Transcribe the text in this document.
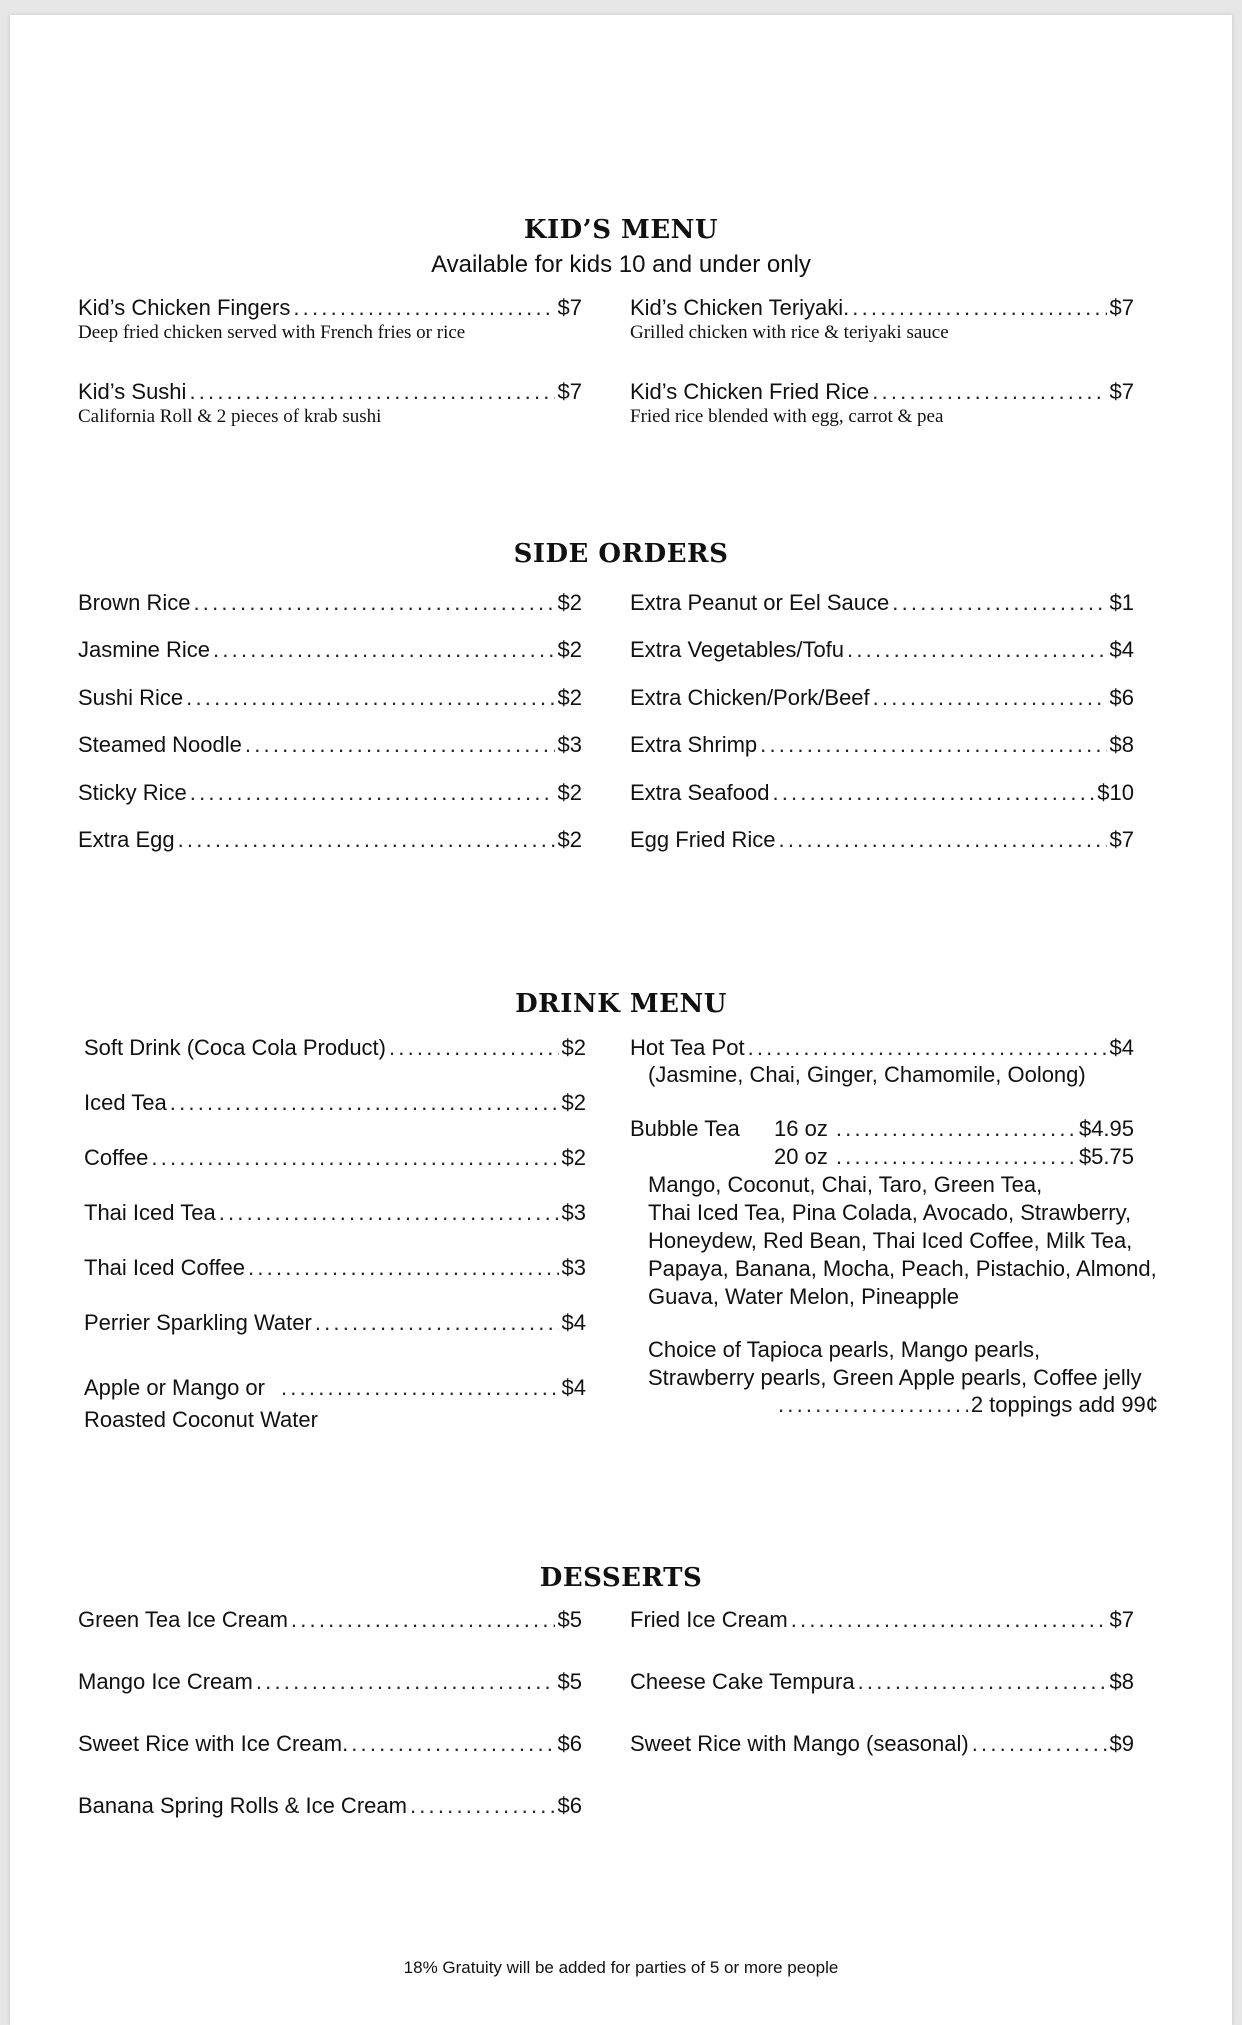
KID’S MENU
Available for kids 10 and under only
Kid’s Chicken Fingers .....	$7
Deep fried chicken served with French fries or rice
Kid’s Chicken Teriyaki. .....	$7
Grilled chicken with rice & teriyaki sauce
Kid’s Sushi .....	$7
California Roll & 2 pieces of krab sushi
Kid’s Chicken Fried Rice .....	$7
Fried rice blended with egg, carrot & pea
SIDE ORDERS
Brown Rice .....	$2
Jasmine Rice .....	$2
Sushi Rice .....	$2
Steamed Noodle .....	$3
Sticky Rice .....	$2
Extra Egg .....	$2
Extra Peanut or Eel Sauce .....	$1
Extra Vegetables/Tofu .....	$4
Extra Chicken/Pork/Beef .....	$6
Extra Shrimp .....	$8
Extra Seafood .....	$10
Egg Fried Rice .....	$7
DRINK MENU
Soft Drink (Coca Cola Product) .....	$2
Iced Tea .....	$2
Coffee .....	$2
Thai Iced Tea .....	$3
Thai Iced Coffee .....	$3
Perrier Sparkling Water .....	$4
Apple or Mango or .....	$4
Roasted Coconut Water
Hot Tea Pot .....	$4
(Jasmine, Chai, Ginger, Chamomile, Oolong)
Bubble Tea 16 oz .....	$4.95
20 oz .....	$5.75
Mango, Coconut, Chai, Taro, Green Tea,
Thai Iced Tea, Pina Colada, Avocado, Strawberry,
Honeydew, Red Bean, Thai Iced Coffee, Milk Tea,
Papaya, Banana, Mocha, Peach, Pistachio, Almond,
Guava, Water Melon, Pineapple
Choice of Tapioca pearls, Mango pearls,
Strawberry pearls, Green Apple pearls, Coffee jelly
.....
2 toppings add 99¢
DESSERTS
Green Tea Ice Cream .....	$5
Mango Ice Cream .....	$5
Sweet Rice with Ice Cream. .....	$6
Banana Spring Rolls & Ice Cream .....	$6
Fried Ice Cream .....	$7
Cheese Cake Tempura .....	$8
Sweet Rice with Mango (seasonal) .....	$9
18% Gratuity will be added for parties of 5 or more people
